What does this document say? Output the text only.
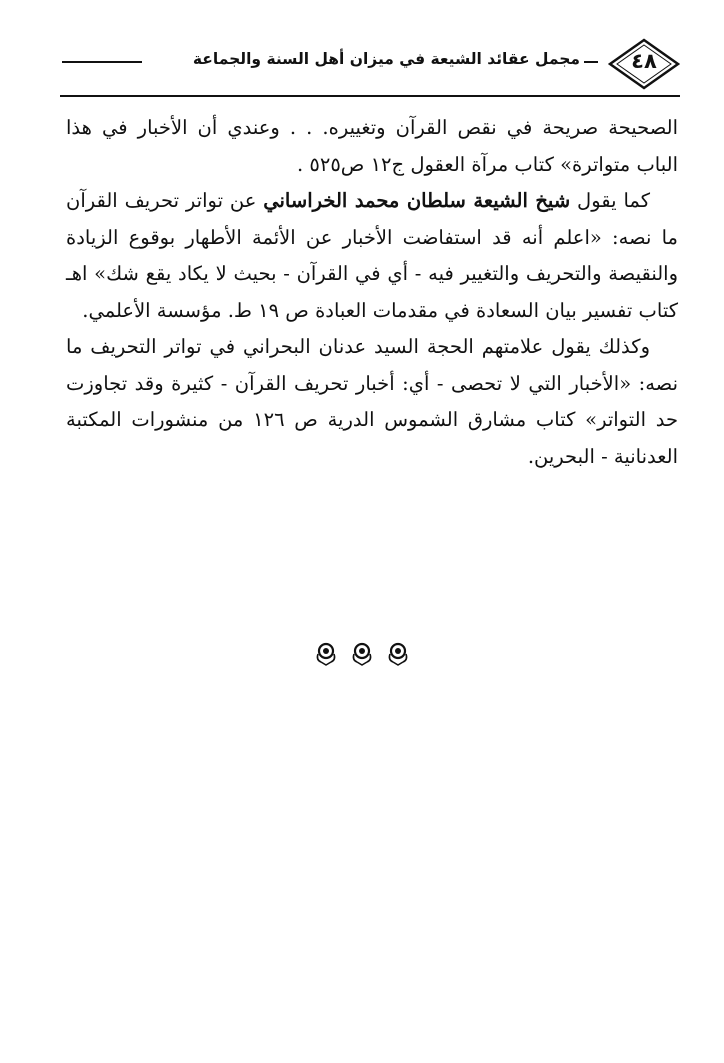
مجمل عقائد الشيعة في ميزان أهل السنة والجماعة	٤٨

الصحيحة صريحة في نقص القرآن وتغييره. . . وعندي أن الأخبار في هذا الباب متواترة» كتاب مرآة العقول ج١٢ ص٥٢٥ .

كما يقول شيخ الشيعة سلطان محمد الخراساني عن تواتر تحريف القرآن ما نصه: «اعلم أنه قد استفاضت الأخبار عن الأئمة الأطهار بوقوع الزيادة والنقيصة والتحريف والتغيير فيه - أي في القرآن - بحيث لا يكاد يقع شك» اهـ كتاب تفسير بيان السعادة في مقدمات العبادة ص ١٩ ط. مؤسسة الأعلمي.

وكذلك يقول علامتهم الحجة السيد عدنان البحراني في تواتر التحريف ما نصه: «الأخبار التي لا تحصى - أي: أخبار تحريف القرآن - كثيرة وقد تجاوزت حد التواتر» كتاب مشارق الشموس الدرية ص ١٢٦ من منشورات المكتبة العدنانية - البحرين.
